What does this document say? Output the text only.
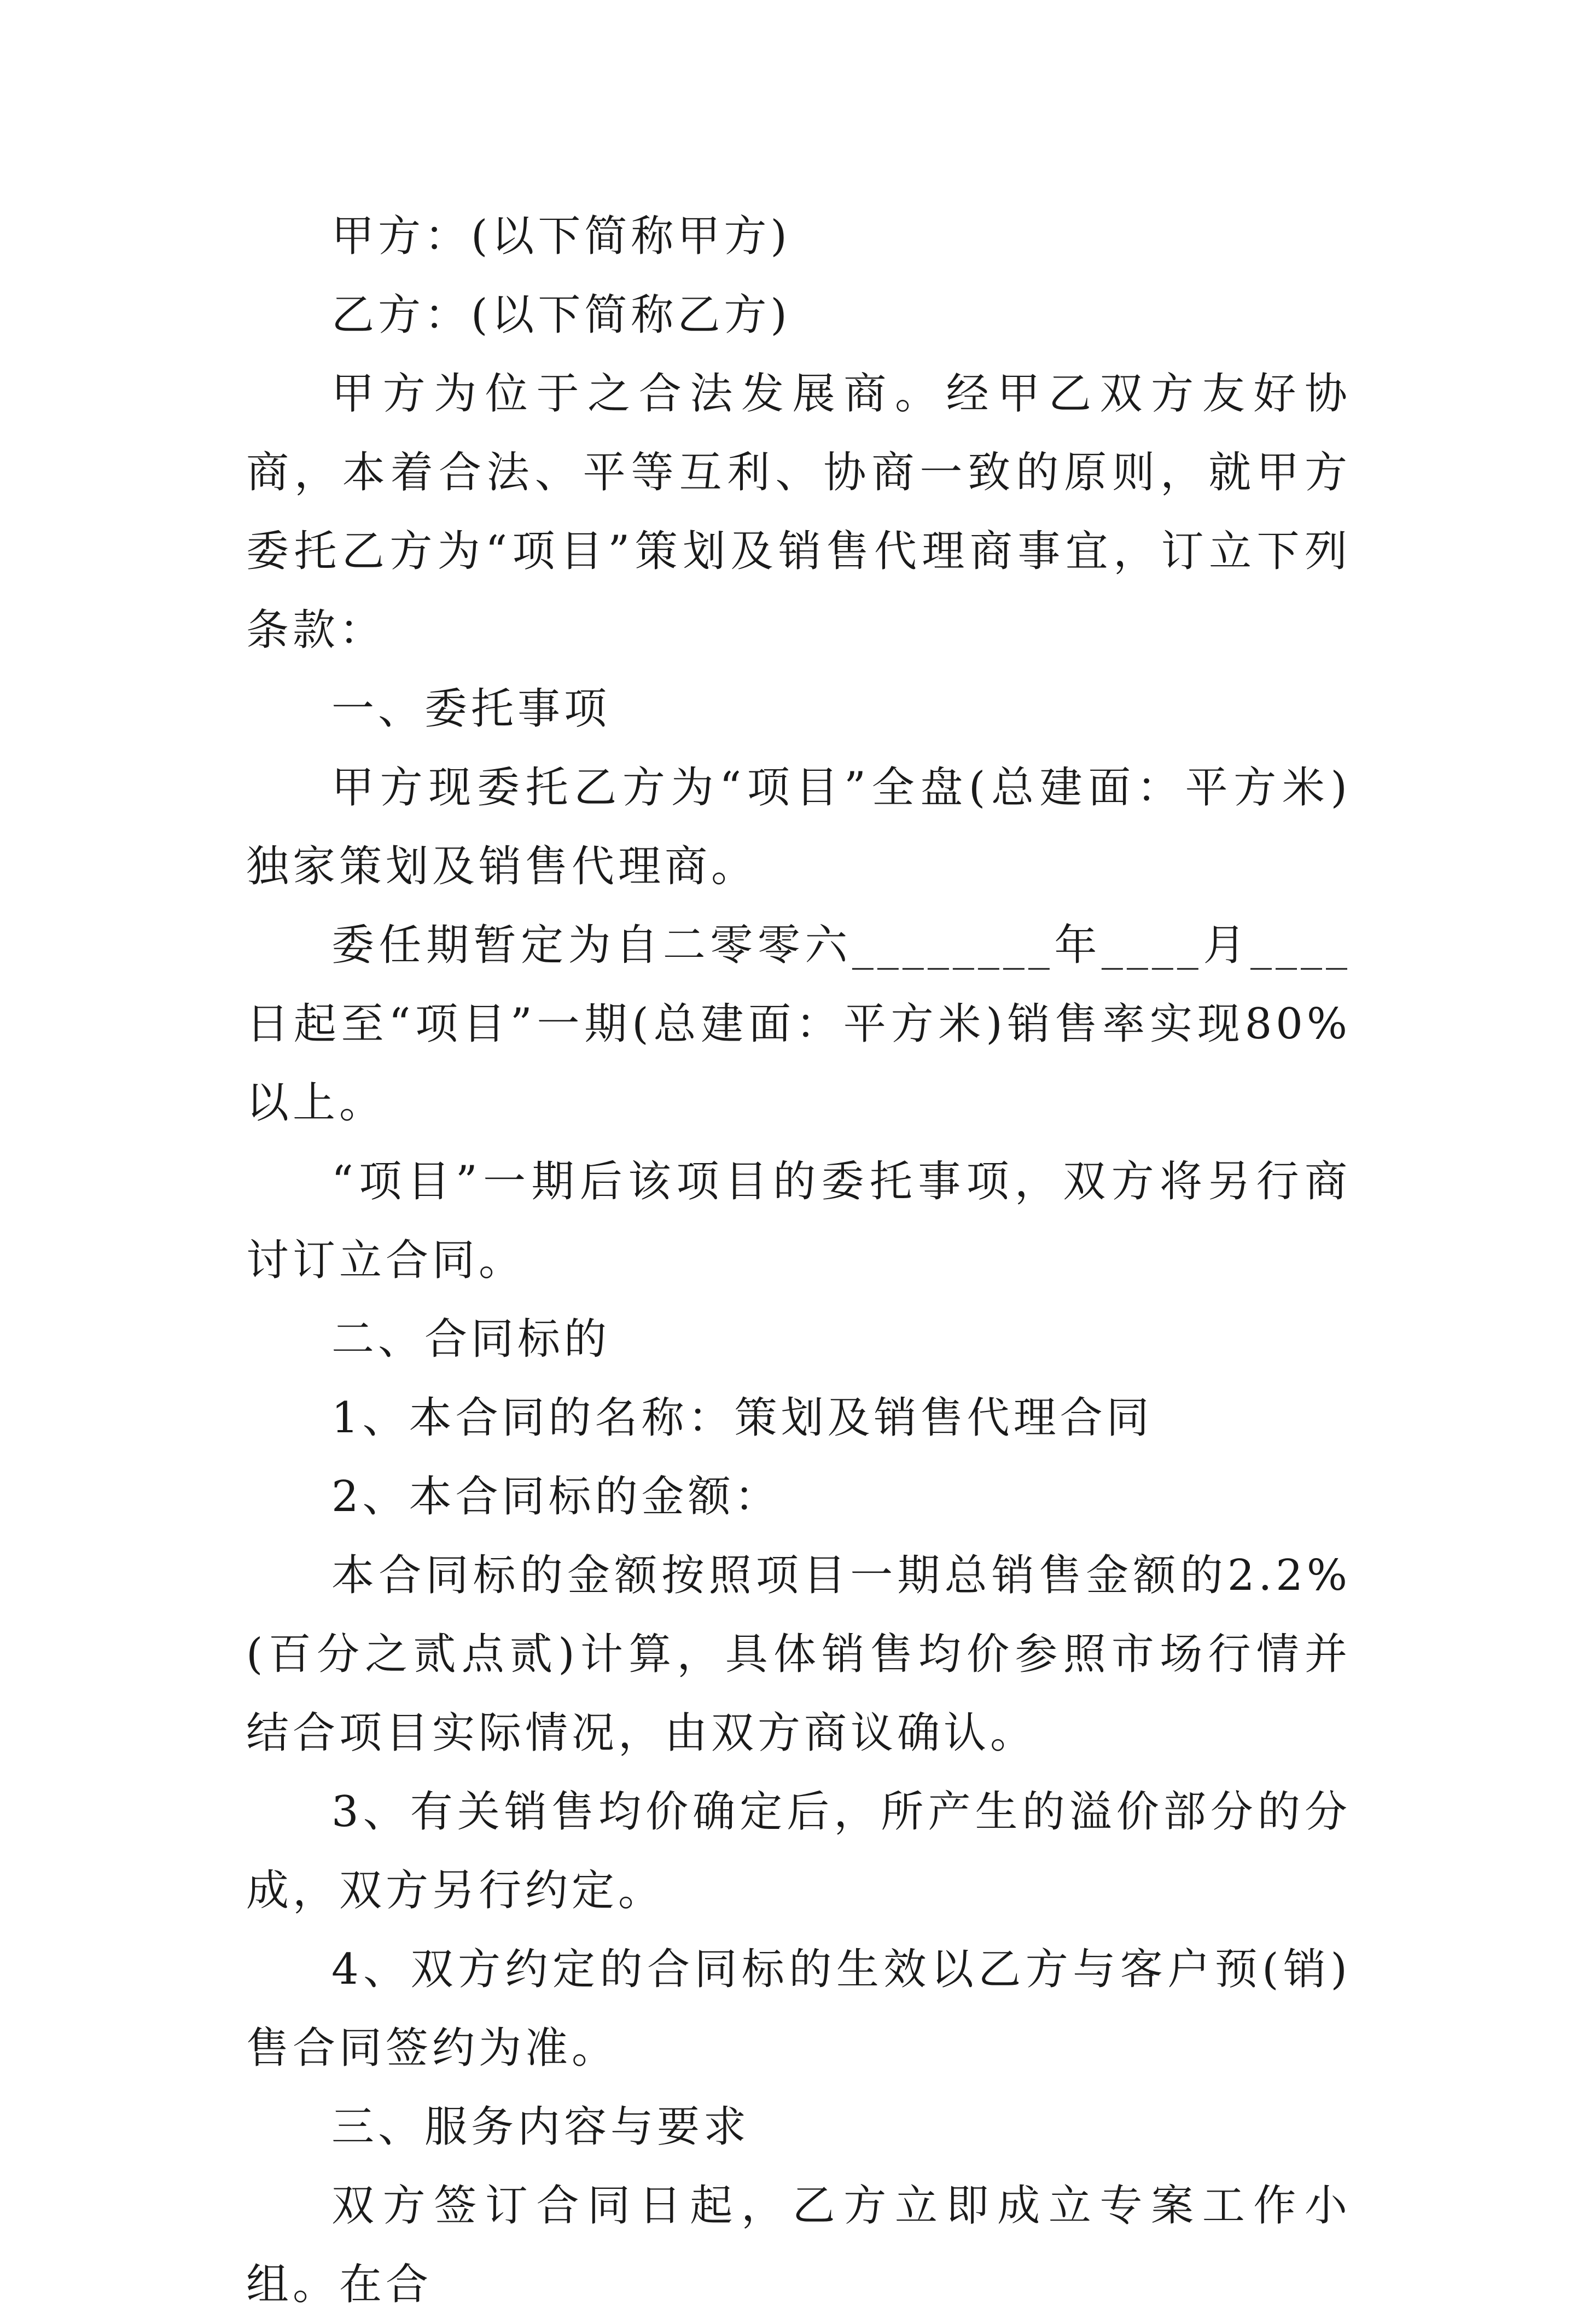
甲方：(以下简称甲方)

乙方：(以下简称乙方)

甲方为位于之合法发展商。经甲乙双方友好协商，本着合法、平等互利、协商一致的原则，就甲方委托乙方为“项目”策划及销售代理商事宜，订立下列条款：

一、委托事项

甲方现委托乙方为“项目”全盘(总建面：平方米)独家策划及销售代理商。

委任期暂定为自二零零六________年____月____日起至“项目”一期(总建面：平方米)销售率实现80%以上。

“项目”一期后该项目的委托事项，双方将另行商讨订立合同。

二、合同标的

1、本合同的名称：策划及销售代理合同

2、本合同标的金额：

本合同标的金额按照项目一期总销售金额的2.2%(百分之贰点贰)计算，具体销售均价参照市场行情并结合项目实际情况，由双方商议确认。

3、有关销售均价确定后，所产生的溢价部分的分成，双方另行约定。

4、双方约定的合同标的生效以乙方与客户预(销)售合同签约为准。

三、服务内容与要求

双方签订合同日起，乙方立即成立专案工作小组。在合
